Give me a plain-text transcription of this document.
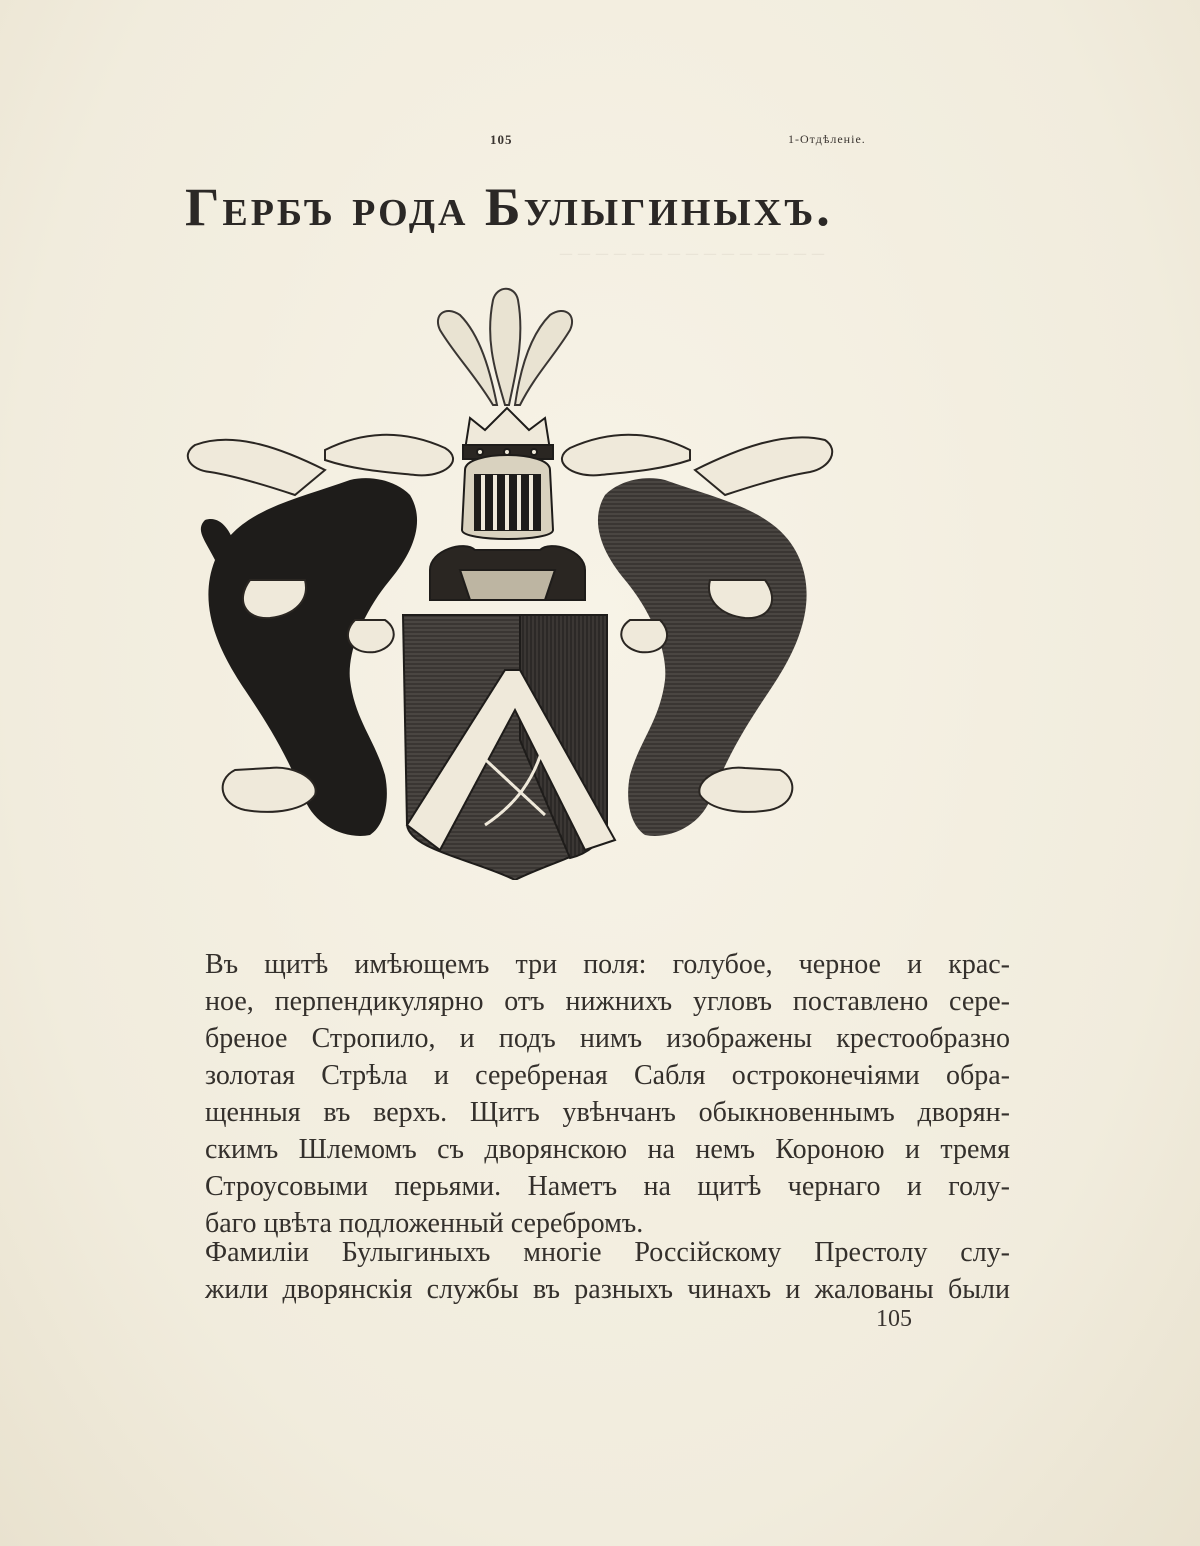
_ _ _ _ _ _ _ _ _ _ _ _ _ _ _
105	1-Отдѣленіе.
Гербъ рода Булыгиныхъ.
Въ щитѣ имѣющемъ три поля: голубое, черное и крас-
ное, перпендикулярно отъ нижнихъ угловъ поставлено сере-
бреное Стропило, и подъ нимъ изображены крестообразно
золотая Стрѣла и серебреная Сабля остроконечіями обра-
щенныя въ верхъ. Щитъ увѣнчанъ обыкновеннымъ дворян-
скимъ Шлемомъ съ дворянскою на немъ Короною и тремя
Строусовыми перьями. Наметъ на щитѣ чернаго и голу-
баго цвѣта подложенный серебромъ.
Фамиліи Булыгиныхъ многіе Россійскому Престолу слу-
жили дворянскія службы въ разныхъ чинахъ и жалованы были
105
